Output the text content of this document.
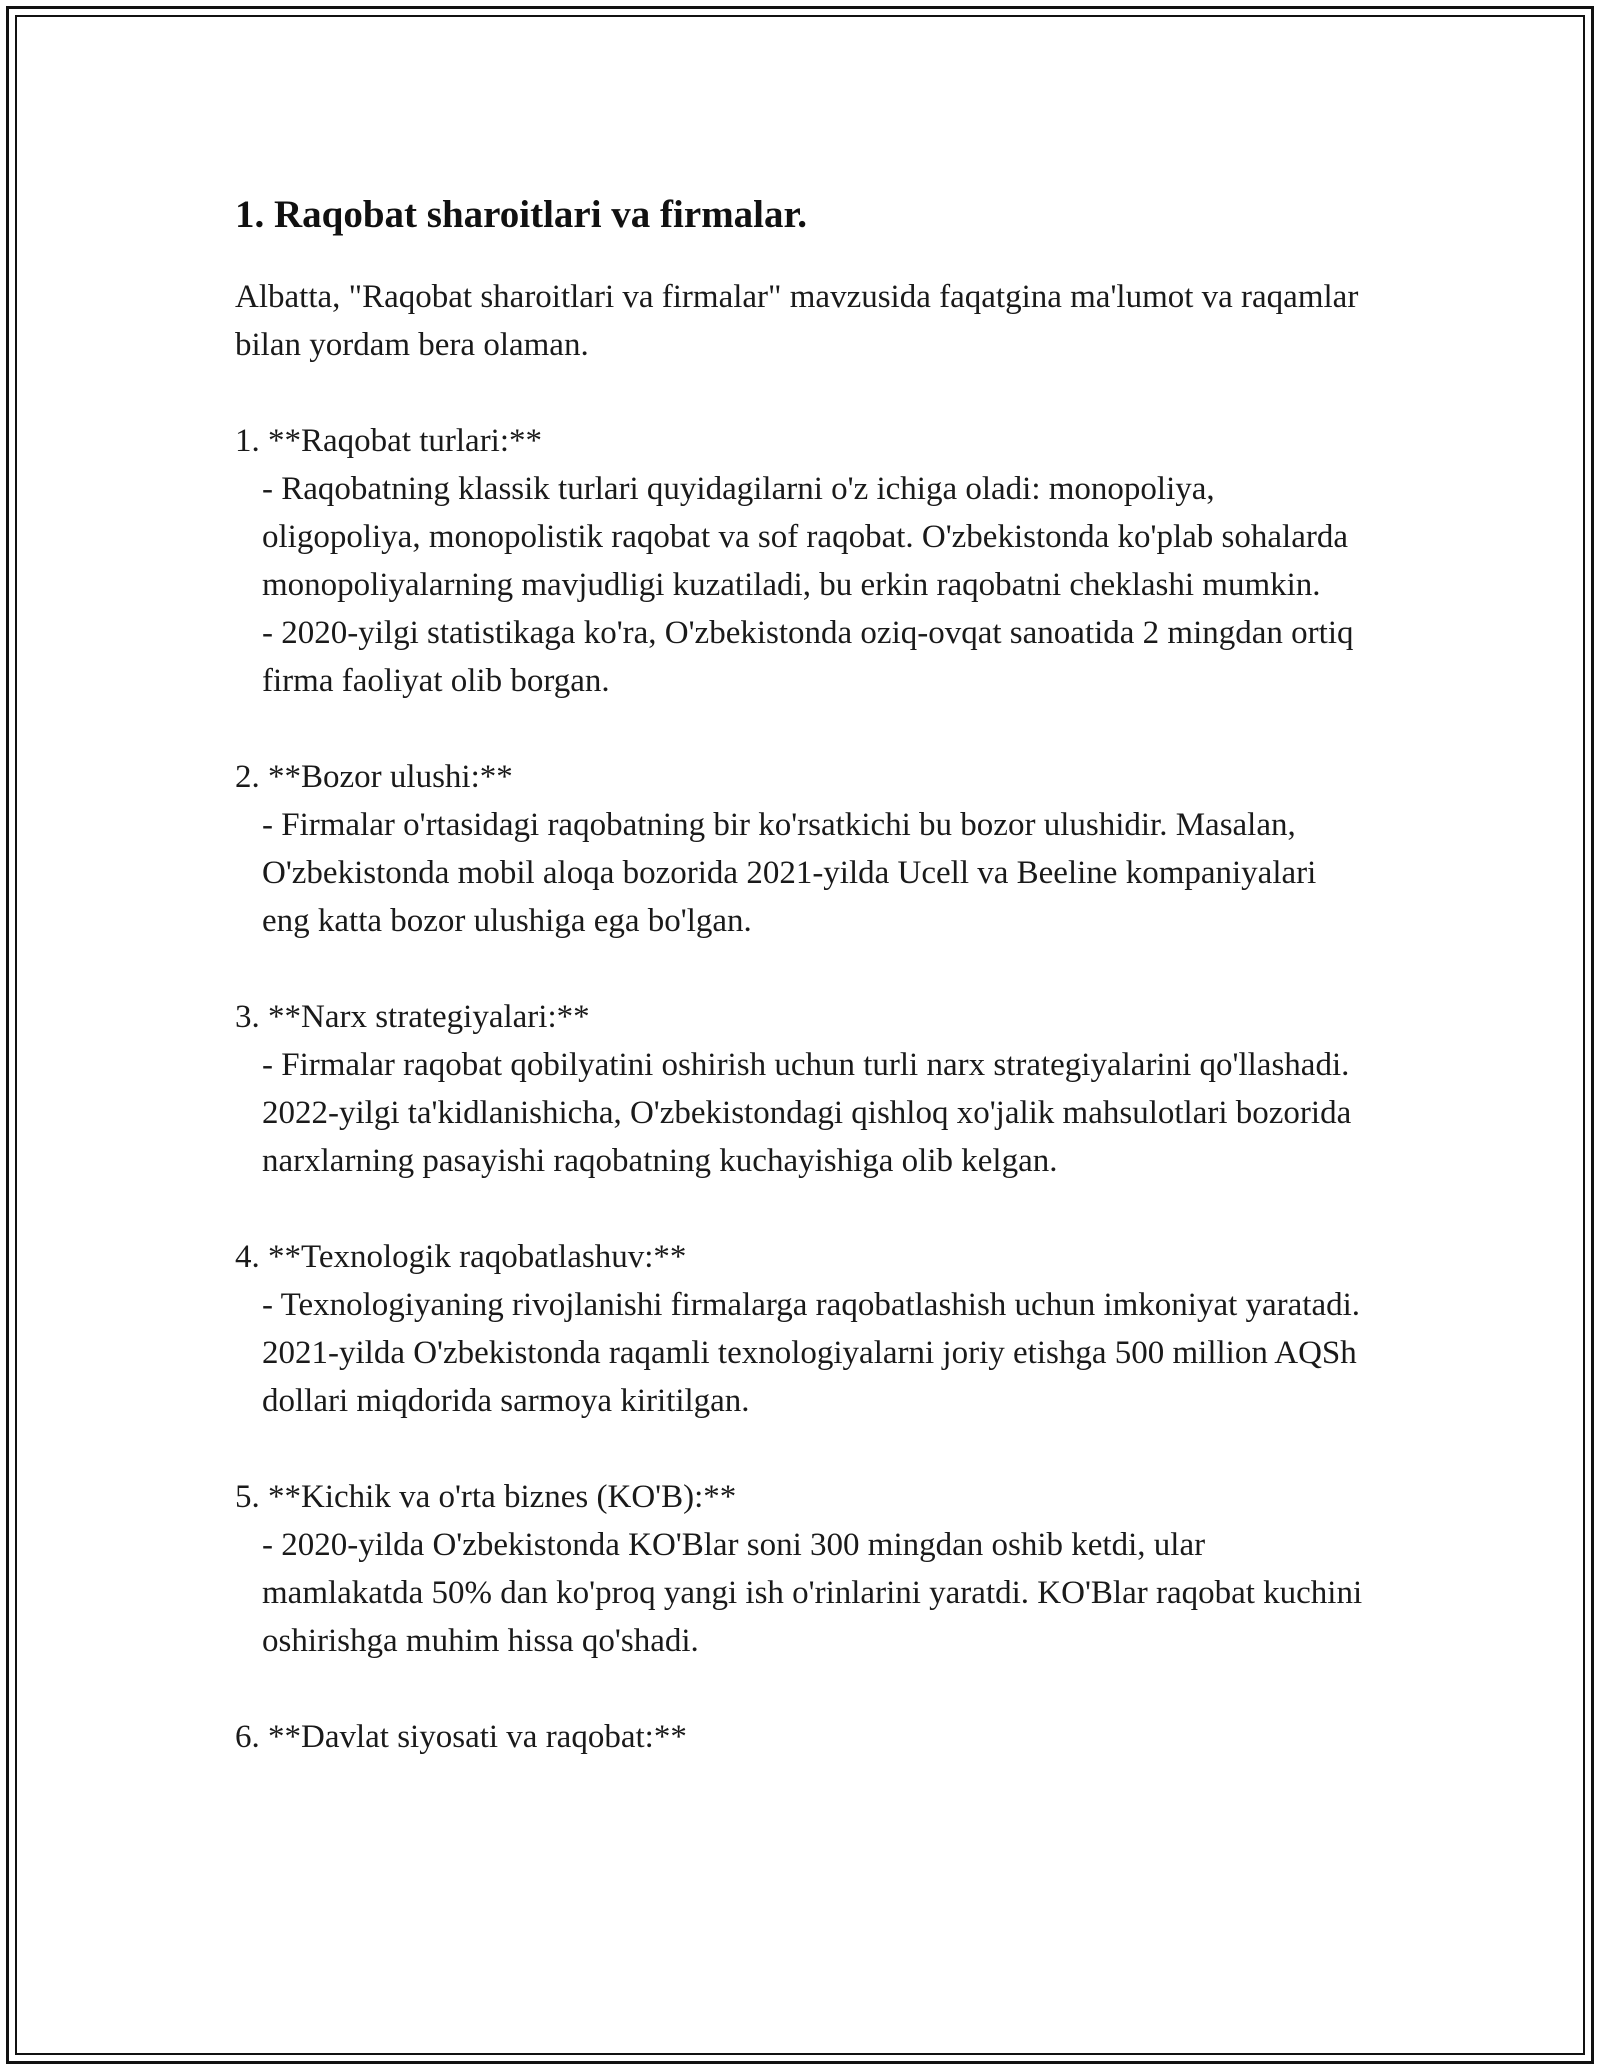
1. Raqobat sharoitlari va firmalar.

Albatta, "Raqobat sharoitlari va firmalar" mavzusida faqatgina ma'lumot va raqamlar bilan yordam bera olaman.

1. **Raqobat turlari:**

- Raqobatning klassik turlari quyidagilarni o'z ichiga oladi: monopoliya, oligopoliya, monopolistik raqobat va sof raqobat. O'zbekistonda ko'plab sohalarda monopoliyalarning mavjudligi kuzatiladi, bu erkin raqobatni cheklashi mumkin.

- 2020-yilgi statistikaga ko'ra, O'zbekistonda oziq-ovqat sanoatida 2 mingdan ortiq firma faoliyat olib borgan.

2. **Bozor ulushi:**

- Firmalar o'rtasidagi raqobatning bir ko'rsatkichi bu bozor ulushidir. Masalan, O'zbekistonda mobil aloqa bozorida 2021-yilda Ucell va Beeline kompaniyalari eng katta bozor ulushiga ega bo'lgan.

3. **Narx strategiyalari:**

- Firmalar raqobat qobilyatini oshirish uchun turli narx strategiyalarini qo'llashadi. 2022-yilgi ta'kidlanishicha, O'zbekistondagi qishloq xo'jalik mahsulotlari bozorida narxlarning pasayishi raqobatning kuchayishiga olib kelgan.

4. **Texnologik raqobatlashuv:**

- Texnologiyaning rivojlanishi firmalarga raqobatlashish uchun imkoniyat yaratadi. 2021-yilda O'zbekistonda raqamli texnologiyalarni joriy etishga 500 million AQSh dollari miqdorida sarmoya kiritilgan.

5. **Kichik va o'rta biznes (KO'B):**

- 2020-yilda O'zbekistonda KO'Blar soni 300 mingdan oshib ketdi, ular mamlakatda 50% dan ko'proq yangi ish o'rinlarini yaratdi. KO'Blar raqobat kuchini oshirishga muhim hissa qo'shadi.

6. **Davlat siyosati va raqobat:**
